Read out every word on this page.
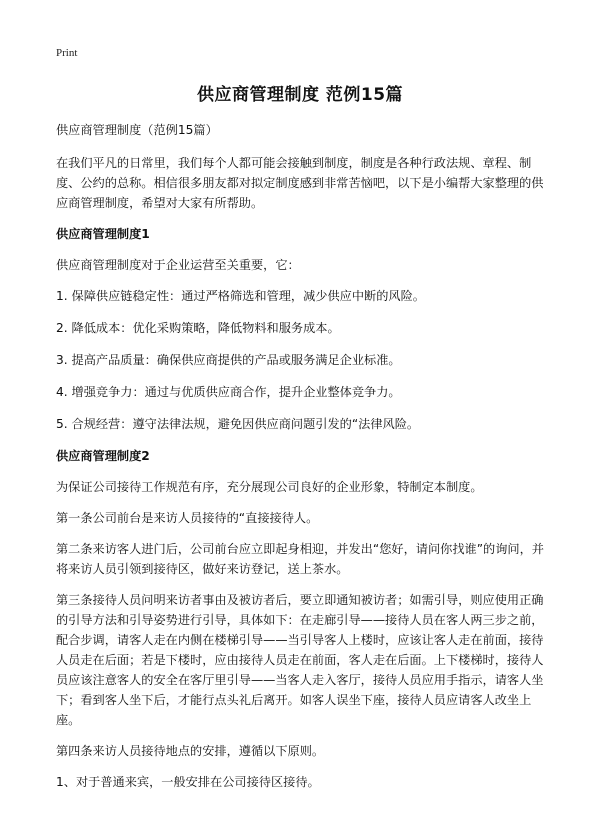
Print
供应商管理制度 范例15篇

供应商管理制度（范例15篇）

在我们平凡的日常里，我们每个人都可能会接触到制度，制度是各种行政法规、章程、制度、公约的总称。相信很多朋友都对拟定制度感到非常苦恼吧，以下是小编帮大家整理的供应商管理制度，希望对大家有所帮助。

供应商管理制度1

供应商管理制度对于企业运营至关重要，它：

1. 保障供应链稳定性：通过严格筛选和管理，减少供应中断的风险。

2. 降低成本：优化采购策略，降低物料和服务成本。

3. 提高产品质量：确保供应商提供的产品或服务满足企业标准。

4. 增强竞争力：通过与优质供应商合作，提升企业整体竞争力。

5. 合规经营：遵守法律法规，避免因供应商问题引发的“法律风险。

供应商管理制度2

为保证公司接待工作规范有序，充分展现公司良好的企业形象，特制定本制度。

第一条公司前台是来访人员接待的“直接接待人。

第二条来访客人进门后，公司前台应立即起身相迎，并发出“您好，请问你找谁”的询问，并将来访人员引领到接待区，做好来访登记，送上茶水。

第三条接待人员问明来访者事由及被访者后，要立即通知被访者；如需引导，则应使用正确的引导方法和引导姿势进行引导，具体如下：在走廊引导——接待人员在客人两三步之前，配合步调，请客人走在内侧在楼梯引导——当引导客人上楼时，应该让客人走在前面，接待人员走在后面；若是下楼时，应由接待人员走在前面，客人走在后面。上下楼梯时，接待人员应该注意客人的安全在客厅里引导——当客人走入客厅，接待人员应用手指示，请客人坐下；看到客人坐下后，才能行点头礼后离开。如客人误坐下座，接待人员应请客人改坐上座。

第四条来访人员接待地点的安排，遵循以下原则。

1、对于普通来宾，一般安排在公司接待区接待。
